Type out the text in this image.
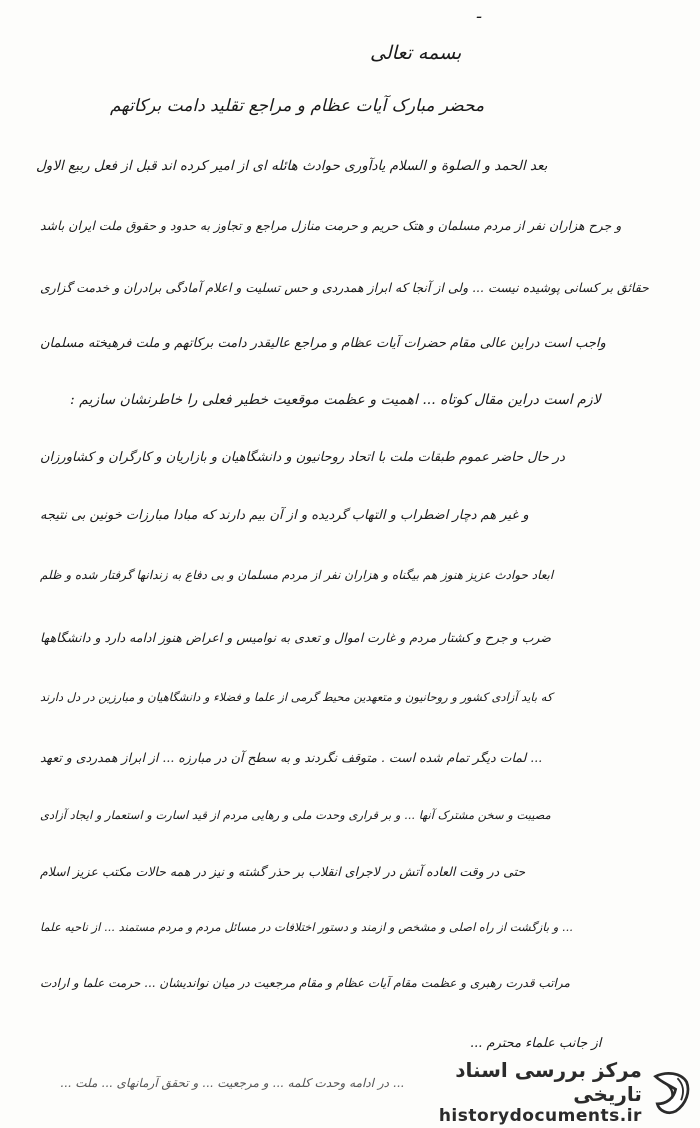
-
بسمه تعالی
محضر مبارک آیات عظام و مراجع تقلید دامت برکاتهم
بعد الحمد و الصلوة و السلام یادآوری حوادث هائله ای از امیر کرده اند قبل از فعل ربیع الاول
و جرح هزاران نفر از مردم مسلمان و هتک حریم و حرمت منازل مراجع و تجاوز به حدود و حقوق ملت ایران باشد
حقائق بر کسانی پوشیده نیست ... ولی از آنجا که ابراز همدردی و حس تسلیت و اعلام آمادگی برادران و خدمت گزاری
واجب است دراین عالی مقام حضرات آیات عظام و مراجع عالیقدر دامت برکاتهم و ملت فرهیخته مسلمان
لازم است دراین مقال کوتاه ... اهمیت و عظمت موقعیت خطیر فعلی را خاطرنشان سازیم :
در حال حاضر عموم طبقات ملت با اتحاد روحانیون و دانشگاهیان و بازاریان و کارگران و کشاورزان
و غیر هم دچار اضطراب و التهاب گردیده و از آن بیم دارند که مبادا مبارزات خونین بی نتیجه
ابعاد حوادث عزیز هنوز هم بیگناه و هزاران نفر از مردم مسلمان و بی دفاع به زندانها گرفتار شده و ظلم
ضرب و جرح و کشتار مردم و غارت اموال و تعدی به نوامیس و اعراض هنوز ادامه دارد و دانشگاهها
که باید آزادی کشور و روحانیون و متعهدین محیط گرمی از علما و فضلاء و دانشگاهیان و مبارزین در دل دارند
... لمات دیگر تمام شده است . متوقف نگردند و به سطح آن در مبارزه ... از ابراز همدردی و تعهد
مصیبت و سخن مشترک آنها ... و بر قراری وحدت ملی و رهایی مردم از قید اسارت و استعمار و ایجاد آزادی
حتی در وقت العاده آتش در لاجرای انقلاب بر حذر گشته و نیز در همه حالات مکتب عزیز اسلام
... و بازگشت از راه اصلی و مشخص و ازمند و دستور اختلافات در مسائل مردم و مردم مستمند ... از ناحیه علما
مراتب قدرت رهبری و عظمت مقام آیات عظام و مقام مرجعیت در میان نواندیشان ... حرمت علما و ارادت
از جانب علماء محترم ...
... در ادامه وحدت کلمه ... و مرجعیت ... و تحقق آرمانهای ... ملت ...
مرکز بررسی اسناد تاریخی
historydocuments.ir
